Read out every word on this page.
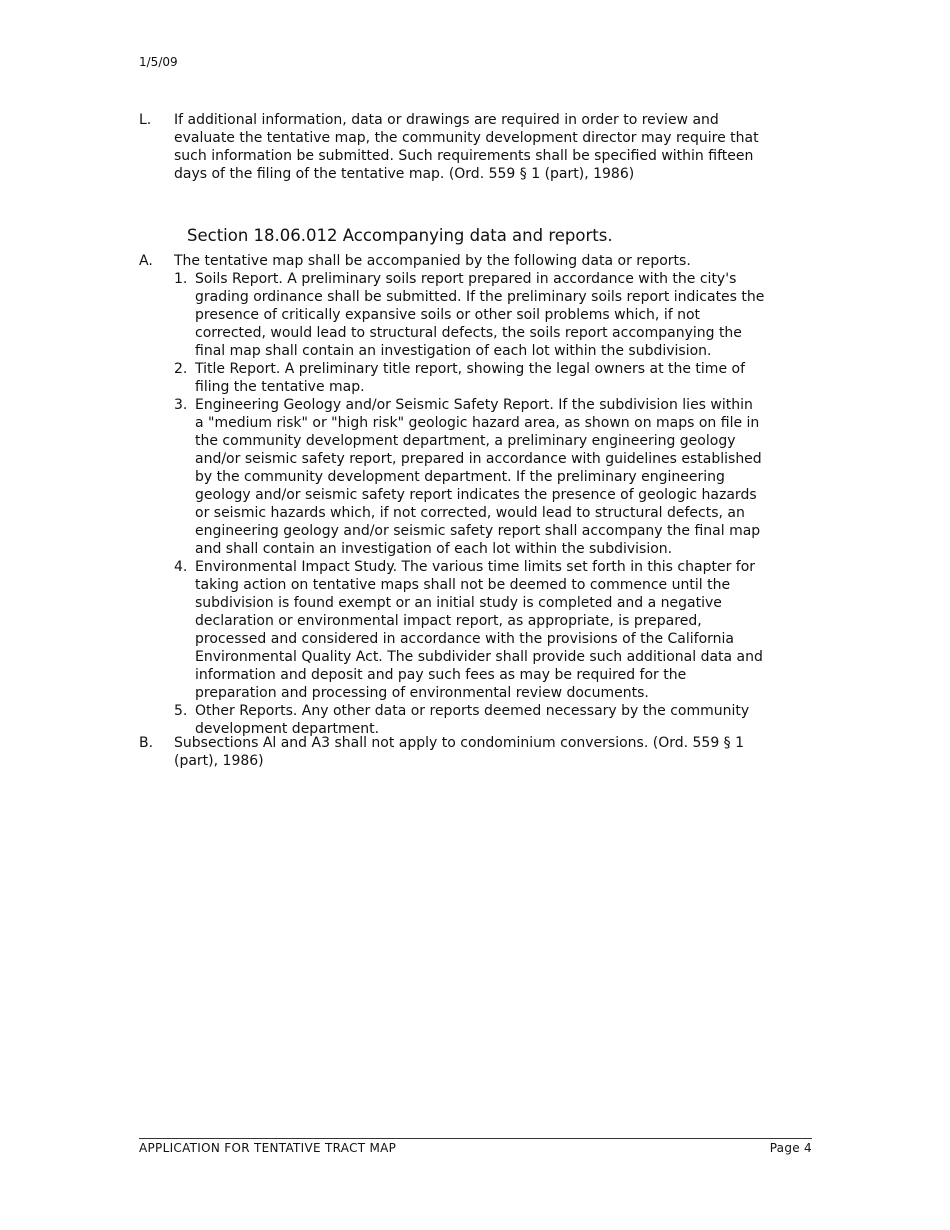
1/5/09
L.	If additional information, data or drawings are required in order to review and evaluate the tentative map, the community development director may require that such information be submitted. Such requirements shall be specified within fifteen days of the filing of the tentative map. (Ord. 559 § 1 (part), 1986)
Section 18.06.012 Accompanying data and reports.
A.	The tentative map shall be accompanied by the following data or reports.
1. Soils Report. A preliminary soils report prepared in accordance with the city's grading ordinance shall be submitted. If the preliminary soils report indicates the presence of critically expansive soils or other soil problems which, if not corrected, would lead to structural defects, the soils report accompanying the final map shall contain an investigation of each lot within the subdivision.
2. Title Report. A preliminary title report, showing the legal owners at the time of filing the tentative map.
3. Engineering Geology and/or Seismic Safety Report. If the subdivision lies within a "medium risk" or "high risk" geologic hazard area, as shown on maps on file in the community development department, a preliminary engineering geology and/or seismic safety report, prepared in accordance with guidelines established by the community development department. If the preliminary engineering geology and/or seismic safety report indicates the presence of geologic hazards or seismic hazards which, if not corrected, would lead to structural defects, an engineering geology and/or seismic safety report shall accompany the final map and shall contain an investigation of each lot within the subdivision.
4. Environmental Impact Study. The various time limits set forth in this chapter for taking action on tentative maps shall not be deemed to commence until the subdivision is found exempt or an initial study is completed and a negative declaration or environmental impact report, as appropriate, is prepared, processed and considered in accordance with the provisions of the California Environmental Quality Act. The subdivider shall provide such additional data and information and deposit and pay such fees as may be required for the preparation and processing of environmental review documents.
5. Other Reports. Any other data or reports deemed necessary by the community development department.
B.	Subsections Al and A3 shall not apply to condominium conversions. (Ord. 559 § 1 (part), 1986)
APPLICATION FOR TENTATIVE TRACT MAP	Page 4
